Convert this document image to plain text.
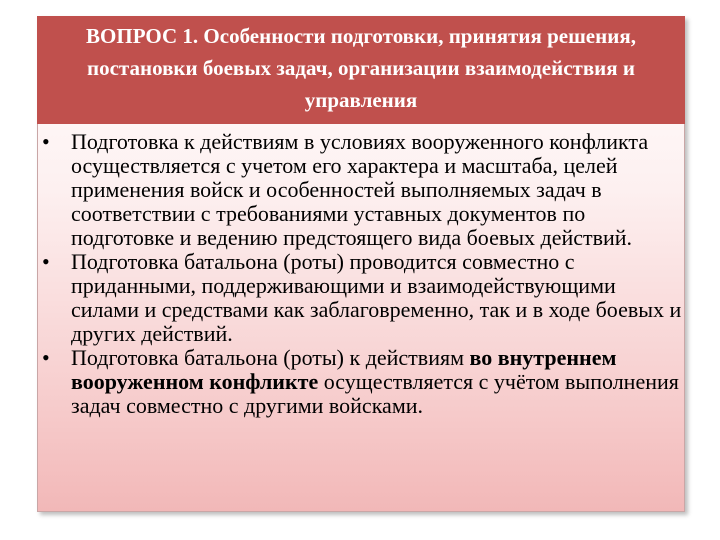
ВОПРОС 1. Особенности подготовки, принятия решения, постановки боевых задач, организации взаимодействия и управления
• Подготовка к действиям в условиях вооруженного конфликта осуществляется с учетом его характера и масштаба, целей применения войск и особенностей выполняемых задач в соответствии с требованиями уставных документов по подготовке и ведению предстоящего вида боевых действий.
• Подготовка батальона (роты) проводится совместно с приданными, поддерживающими и взаимодействующими силами и средствами как заблаговременно, так и в ходе боевых и других действий.
• Подготовка батальона (роты) к действиям во внутреннем вооруженном конфликте осуществляется с учётом выполнения задач совместно с другими войсками.
